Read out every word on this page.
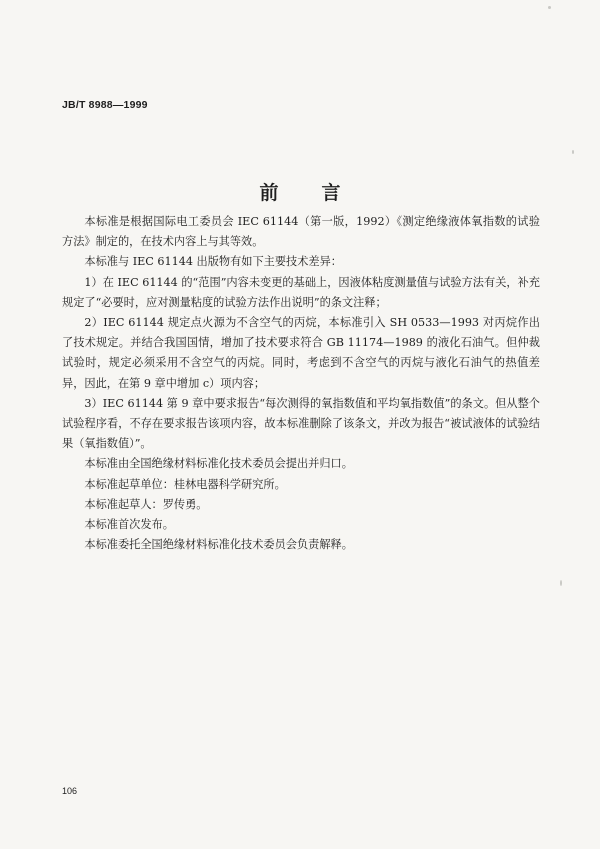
JB/T 8988—1999
前　言

本标准是根据国际电工委员会 IEC 61144（第一版，1992）《测定绝缘液体氧指数的试验方法》制定的，在技术内容上与其等效。

本标准与 IEC 61144 出版物有如下主要技术差异：

1）在 IEC 61144 的“范围”内容未变更的基础上，因液体粘度测量值与试验方法有关，补充规定了“必要时，应对测量粘度的试验方法作出说明”的条文注释；

2）IEC 61144 规定点火源为不含空气的丙烷，本标准引入 SH 0533—1993 对丙烷作出了技术规定。并结合我国国情，增加了技术要求符合 GB 11174—1989 的液化石油气。但仲裁试验时，规定必须采用不含空气的丙烷。同时，考虑到不含空气的丙烷与液化石油气的热值差异，因此，在第 9 章中增加 c）项内容；

3）IEC 61144 第 9 章中要求报告“每次测得的氧指数值和平均氧指数值”的条文。但从整个试验程序看，不存在要求报告该项内容，故本标准删除了该条文，并改为报告“被试液体的试验结果（氧指数值）”。

本标准由全国绝缘材料标准化技术委员会提出并归口。

本标准起草单位：桂林电器科学研究所。

本标准起草人：罗传勇。

本标准首次发布。

本标准委托全国绝缘材料标准化技术委员会负责解释。

106
